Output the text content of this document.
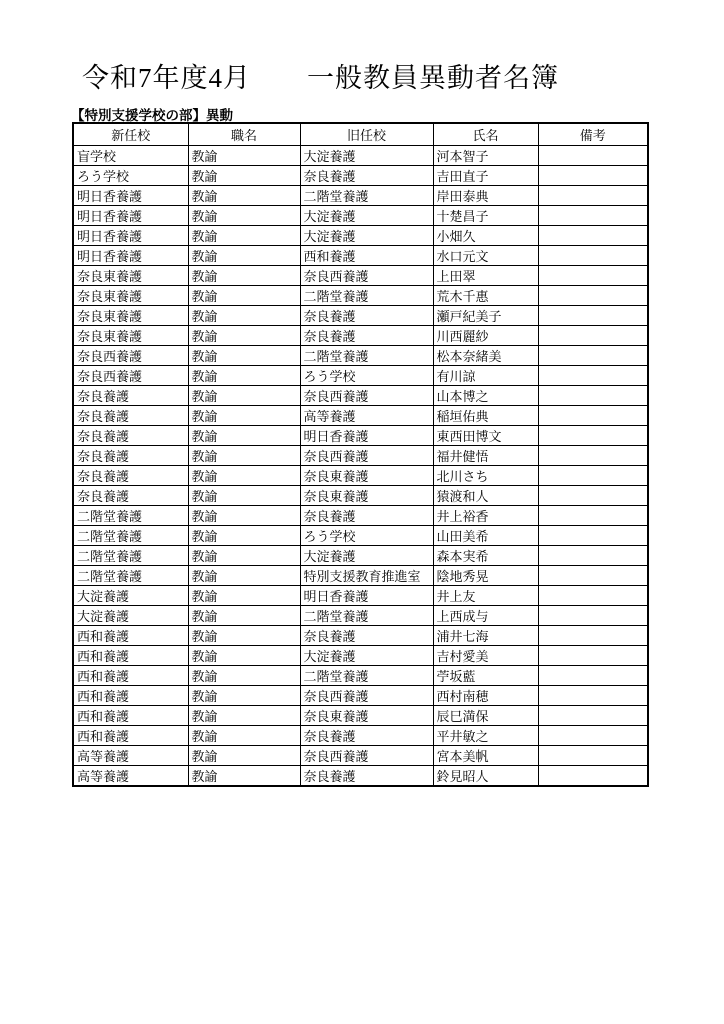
令和7年度4月　　一般教員異動者名簿
【特別支援学校の部】異動
新任校	職名	旧任校	氏名	備考
盲学校	教諭	大淀養護	河本智子	
ろう学校	教諭	奈良養護	吉田直子	
明日香養護	教諭	二階堂養護	岸田泰典	
明日香養護	教諭	大淀養護	十楚昌子	
明日香養護	教諭	大淀養護	小畑久	
明日香養護	教諭	西和養護	水口元文	
奈良東養護	教諭	奈良西養護	上田翠	
奈良東養護	教諭	二階堂養護	荒木千惠	
奈良東養護	教諭	奈良養護	瀬戸紀美子	
奈良東養護	教諭	奈良養護	川西麗紗	
奈良西養護	教諭	二階堂養護	松本奈緒美	
奈良西養護	教諭	ろう学校	有川諒	
奈良養護	教諭	奈良西養護	山本博之	
奈良養護	教諭	高等養護	稲垣佑典	
奈良養護	教諭	明日香養護	東西田博文	
奈良養護	教諭	奈良西養護	福井健悟	
奈良養護	教諭	奈良東養護	北川さち	
奈良養護	教諭	奈良東養護	猿渡和人	
二階堂養護	教諭	奈良養護	井上裕香	
二階堂養護	教諭	ろう学校	山田美希	
二階堂養護	教諭	大淀養護	森本実希	
二階堂養護	教諭	特別支援教育推進室	陰地秀晃	
大淀養護	教諭	明日香養護	井上友	
大淀養護	教諭	二階堂養護	上西成与	
西和養護	教諭	奈良養護	浦井七海	
西和養護	教諭	大淀養護	吉村愛美	
西和養護	教諭	二階堂養護	苧坂藍	
西和養護	教諭	奈良西養護	西村南穂	
西和養護	教諭	奈良東養護	辰巳満保	
西和養護	教諭	奈良養護	平井敏之	
高等養護	教諭	奈良西養護	宮本美帆	
高等養護	教諭	奈良養護	鈴見昭人	
